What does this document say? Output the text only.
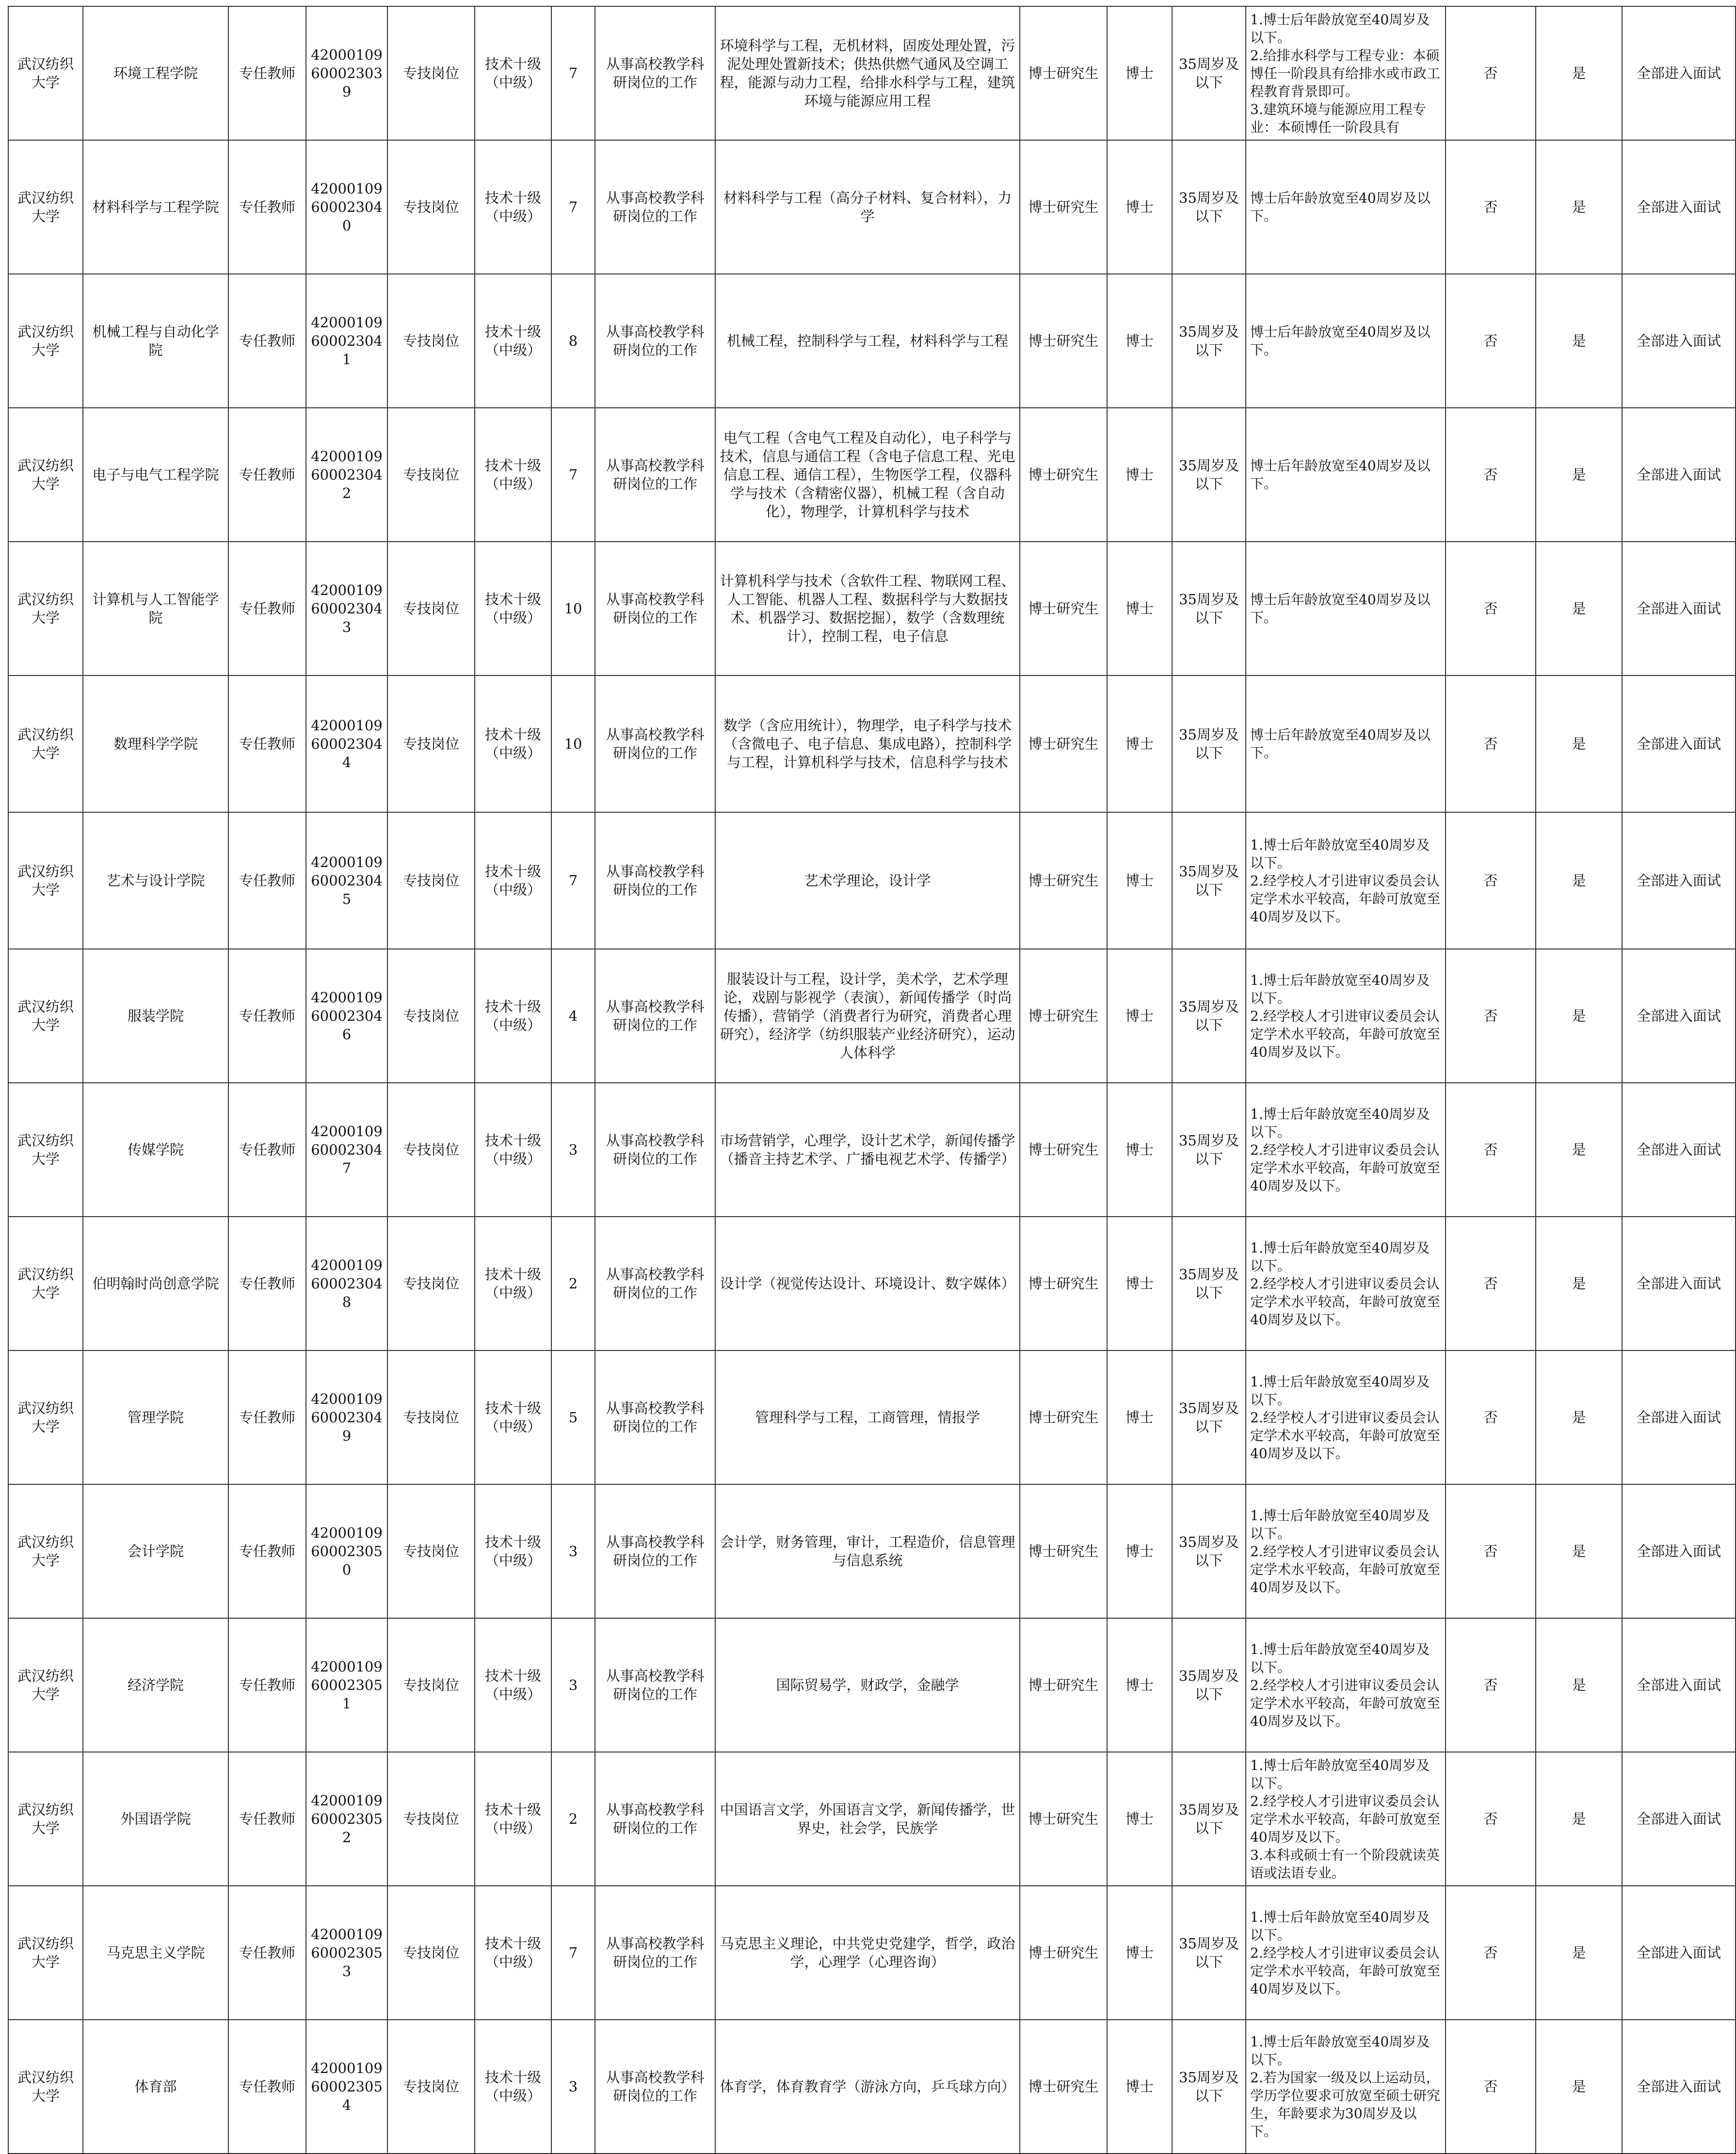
武汉纺织大学	环境工程学院	专任教师	42000109600023039	专技岗位	技术十级（中级）	7	从事高校教学科研岗位的工作	环境科学与工程，无机材料，固废处理处置，污泥处理处置新技术；供热供燃气通风及空调工程，能源与动力工程，给排水科学与工程，建筑环境与能源应用工程	博士研究生	博士	35周岁及以下	1.博士后年龄放宽至40周岁及以下。
2.给排水科学与工程专业：本硕博任一阶段具有给排水或市政工程教育背景即可。
3.建筑环境与能源应用工程专业：本硕博任一阶段具有	否	是	全部进入面试
武汉纺织大学	材料科学与工程学院	专任教师	42000109600023040	专技岗位	技术十级（中级）	7	从事高校教学科研岗位的工作	材料科学与工程（高分子材料、复合材料），力学	博士研究生	博士	35周岁及以下	博士后年龄放宽至40周岁及以下。	否	是	全部进入面试
武汉纺织大学	机械工程与自动化学院	专任教师	42000109600023041	专技岗位	技术十级（中级）	8	从事高校教学科研岗位的工作	机械工程，控制科学与工程，材料科学与工程	博士研究生	博士	35周岁及以下	博士后年龄放宽至40周岁及以下。	否	是	全部进入面试
武汉纺织大学	电子与电气工程学院	专任教师	42000109600023042	专技岗位	技术十级（中级）	7	从事高校教学科研岗位的工作	电气工程（含电气工程及自动化），电子科学与技术，信息与通信工程（含电子信息工程、光电信息工程、通信工程），生物医学工程，仪器科学与技术（含精密仪器），机械工程（含自动化），物理学，计算机科学与技术	博士研究生	博士	35周岁及以下	博士后年龄放宽至40周岁及以下。	否	是	全部进入面试
武汉纺织大学	计算机与人工智能学院	专任教师	42000109600023043	专技岗位	技术十级（中级）	10	从事高校教学科研岗位的工作	计算机科学与技术（含软件工程、物联网工程、人工智能、机器人工程、数据科学与大数据技术、机器学习、数据挖掘），数学（含数理统计），控制工程，电子信息	博士研究生	博士	35周岁及以下	博士后年龄放宽至40周岁及以下。	否	是	全部进入面试
武汉纺织大学	数理科学学院	专任教师	42000109600023044	专技岗位	技术十级（中级）	10	从事高校教学科研岗位的工作	数学（含应用统计），物理学，电子科学与技术（含微电子、电子信息、集成电路），控制科学与工程，计算机科学与技术，信息科学与技术	博士研究生	博士	35周岁及以下	博士后年龄放宽至40周岁及以下。	否	是	全部进入面试
武汉纺织大学	艺术与设计学院	专任教师	42000109600023045	专技岗位	技术十级（中级）	7	从事高校教学科研岗位的工作	艺术学理论，设计学	博士研究生	博士	35周岁及以下	1.博士后年龄放宽至40周岁及以下。
2.经学校人才引进审议委员会认定学术水平较高，年龄可放宽至40周岁及以下。	否	是	全部进入面试
武汉纺织大学	服装学院	专任教师	42000109600023046	专技岗位	技术十级（中级）	4	从事高校教学科研岗位的工作	服装设计与工程，设计学，美术学，艺术学理论，戏剧与影视学（表演），新闻传播学（时尚传播），营销学（消费者行为研究，消费者心理研究），经济学（纺织服装产业经济研究），运动人体科学	博士研究生	博士	35周岁及以下	1.博士后年龄放宽至40周岁及以下。
2.经学校人才引进审议委员会认定学术水平较高，年龄可放宽至40周岁及以下。	否	是	全部进入面试
武汉纺织大学	传媒学院	专任教师	42000109600023047	专技岗位	技术十级（中级）	3	从事高校教学科研岗位的工作	市场营销学，心理学，设计艺术学，新闻传播学（播音主持艺术学、广播电视艺术学、传播学）	博士研究生	博士	35周岁及以下	1.博士后年龄放宽至40周岁及以下。
2.经学校人才引进审议委员会认定学术水平较高，年龄可放宽至40周岁及以下。	否	是	全部进入面试
武汉纺织大学	伯明翰时尚创意学院	专任教师	42000109600023048	专技岗位	技术十级（中级）	2	从事高校教学科研岗位的工作	设计学（视觉传达设计、环境设计、数字媒体）	博士研究生	博士	35周岁及以下	1.博士后年龄放宽至40周岁及以下。
2.经学校人才引进审议委员会认定学术水平较高，年龄可放宽至40周岁及以下。	否	是	全部进入面试
武汉纺织大学	管理学院	专任教师	42000109600023049	专技岗位	技术十级（中级）	5	从事高校教学科研岗位的工作	管理科学与工程，工商管理，情报学	博士研究生	博士	35周岁及以下	1.博士后年龄放宽至40周岁及以下。
2.经学校人才引进审议委员会认定学术水平较高，年龄可放宽至40周岁及以下。	否	是	全部进入面试
武汉纺织大学	会计学院	专任教师	42000109600023050	专技岗位	技术十级（中级）	3	从事高校教学科研岗位的工作	会计学，财务管理，审计，工程造价，信息管理与信息系统	博士研究生	博士	35周岁及以下	1.博士后年龄放宽至40周岁及以下。
2.经学校人才引进审议委员会认定学术水平较高，年龄可放宽至40周岁及以下。	否	是	全部进入面试
武汉纺织大学	经济学院	专任教师	42000109600023051	专技岗位	技术十级（中级）	3	从事高校教学科研岗位的工作	国际贸易学，财政学，金融学	博士研究生	博士	35周岁及以下	1.博士后年龄放宽至40周岁及以下。
2.经学校人才引进审议委员会认定学术水平较高，年龄可放宽至40周岁及以下。	否	是	全部进入面试
武汉纺织大学	外国语学院	专任教师	42000109600023052	专技岗位	技术十级（中级）	2	从事高校教学科研岗位的工作	中国语言文学，外国语言文学，新闻传播学，世界史，社会学，民族学	博士研究生	博士	35周岁及以下	1.博士后年龄放宽至40周岁及以下。
2.经学校人才引进审议委员会认定学术水平较高，年龄可放宽至40周岁及以下。
3.本科或硕士有一个阶段就读英语或法语专业。	否	是	全部进入面试
武汉纺织大学	马克思主义学院	专任教师	42000109600023053	专技岗位	技术十级（中级）	7	从事高校教学科研岗位的工作	马克思主义理论，中共党史党建学，哲学，政治学，心理学（心理咨询）	博士研究生	博士	35周岁及以下	1.博士后年龄放宽至40周岁及以下。
2.经学校人才引进审议委员会认定学术水平较高，年龄可放宽至40周岁及以下。	否	是	全部进入面试
武汉纺织大学	体育部	专任教师	42000109600023054	专技岗位	技术十级（中级）	3	从事高校教学科研岗位的工作	体育学，体育教育学（游泳方向，乒乓球方向）	博士研究生	博士	35周岁及以下	1.博士后年龄放宽至40周岁及以下。
2.若为国家一级及以上运动员，学历学位要求可放宽至硕士研究生，年龄要求为30周岁及以下。	否	是	全部进入面试
